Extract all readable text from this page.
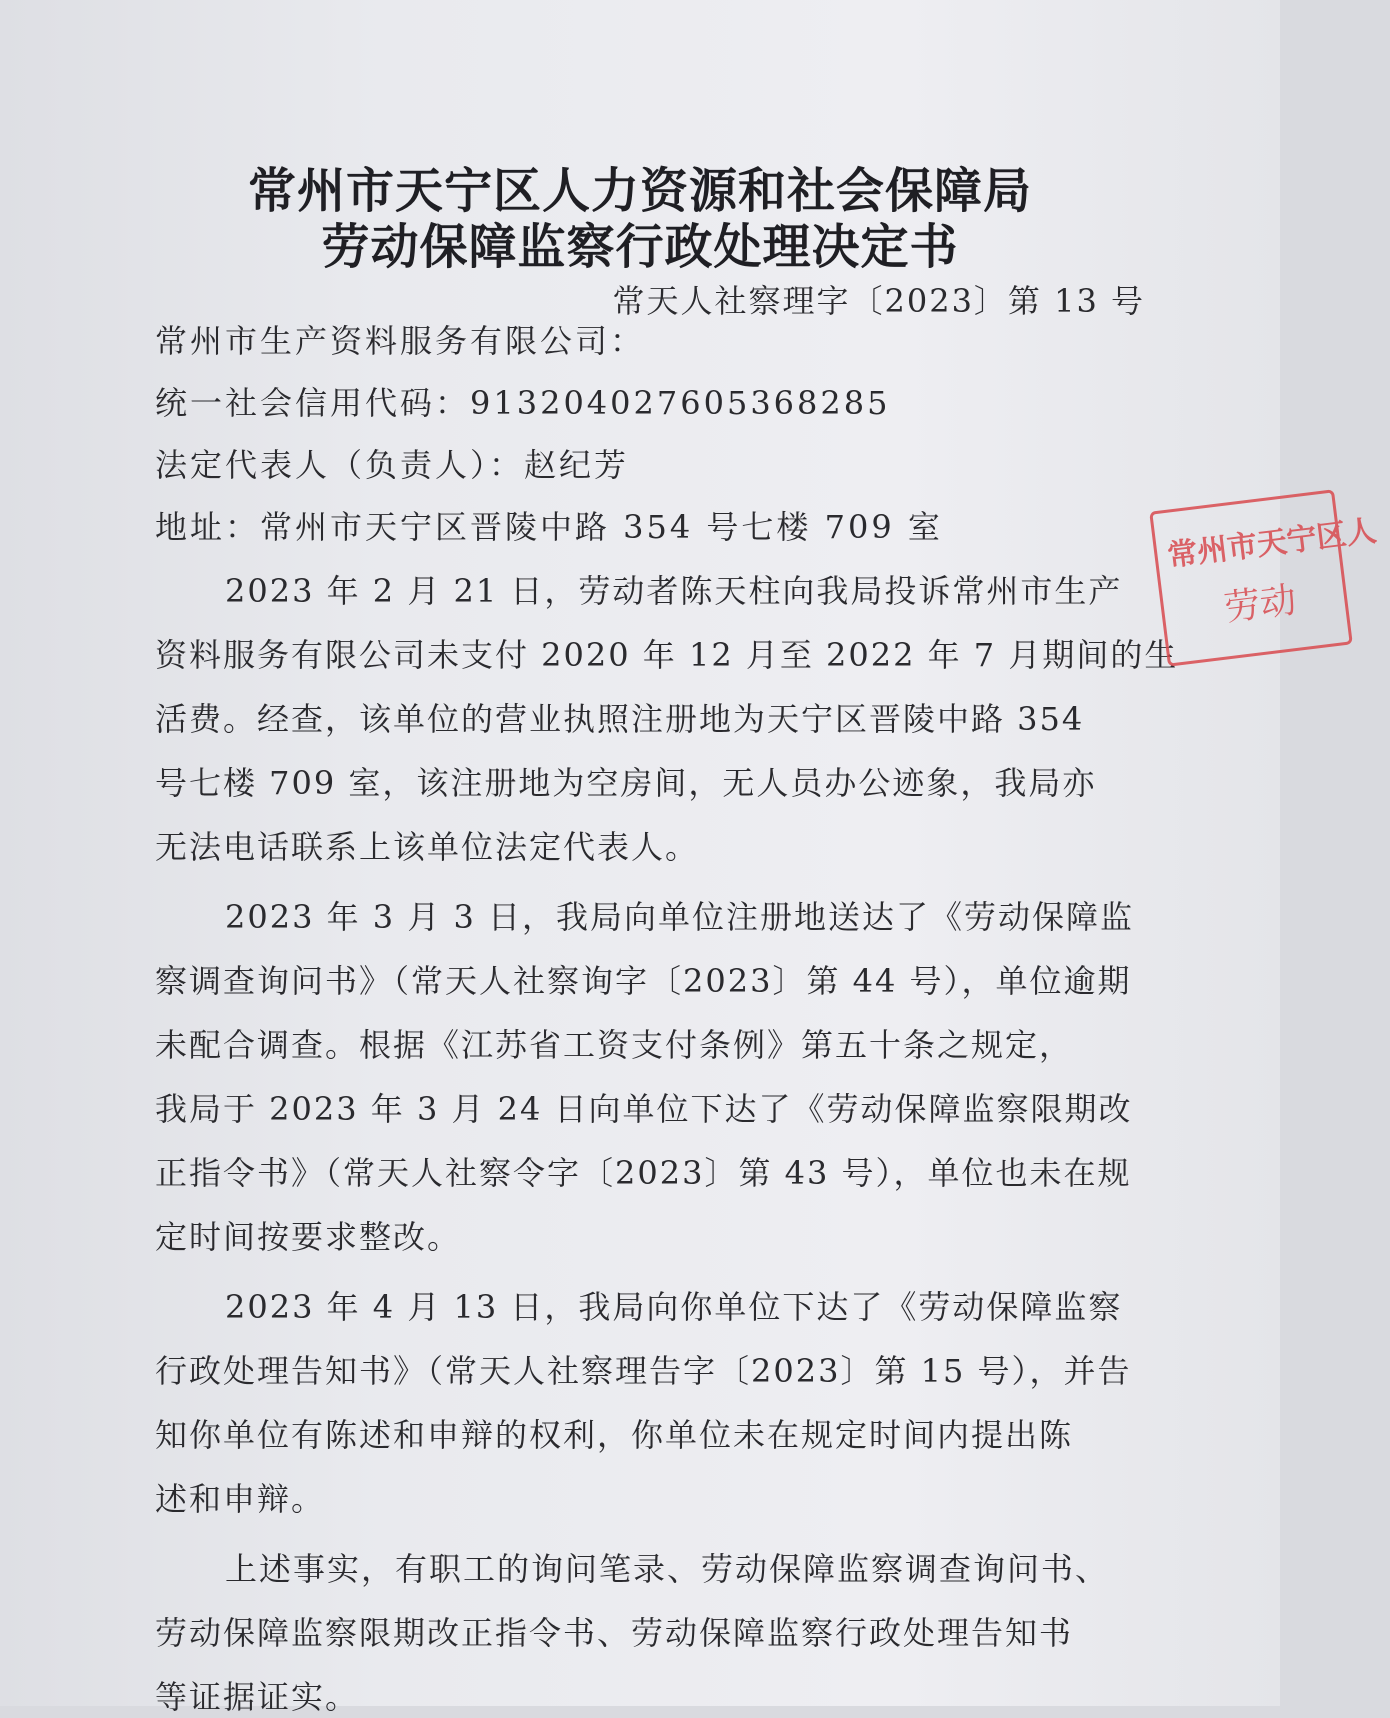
常州市天宁区人力资源和社会保障局
劳动保障监察行政处理决定书
常天人社察理字〔2023〕第 13 号
常州市生产资料服务有限公司：
统一社会信用代码：913204027605368285
法定代表人（负责人）：赵纪芳
地址：常州市天宁区晋陵中路 354 号七楼 709 室
2023 年 2 月 21 日，劳动者陈天柱向我局投诉常州市生产
资料服务有限公司未支付 2020 年 12 月至 2022 年 7 月期间的生
活费。经查，该单位的营业执照注册地为天宁区晋陵中路 354
号七楼 709 室，该注册地为空房间，无人员办公迹象，我局亦
无法电话联系上该单位法定代表人。
2023 年 3 月 3 日，我局向单位注册地送达了《劳动保障监
察调查询问书》（常天人社察询字〔2023〕第 44 号），单位逾期
未配合调查。根据《江苏省工资支付条例》第五十条之规定，
我局于 2023 年 3 月 24 日向单位下达了《劳动保障监察限期改
正指令书》（常天人社察令字〔2023〕第 43 号），单位也未在规
定时间按要求整改。
2023 年 4 月 13 日，我局向你单位下达了《劳动保障监察
行政处理告知书》（常天人社察理告字〔2023〕第 15 号），并告
知你单位有陈述和申辩的权利，你单位未在规定时间内提出陈
述和申辩。
上述事实，有职工的询问笔录、劳动保障监察调查询问书、
劳动保障监察限期改正指令书、劳动保障监察行政处理告知书
等证据证实。
常州市天宁区人
劳动
